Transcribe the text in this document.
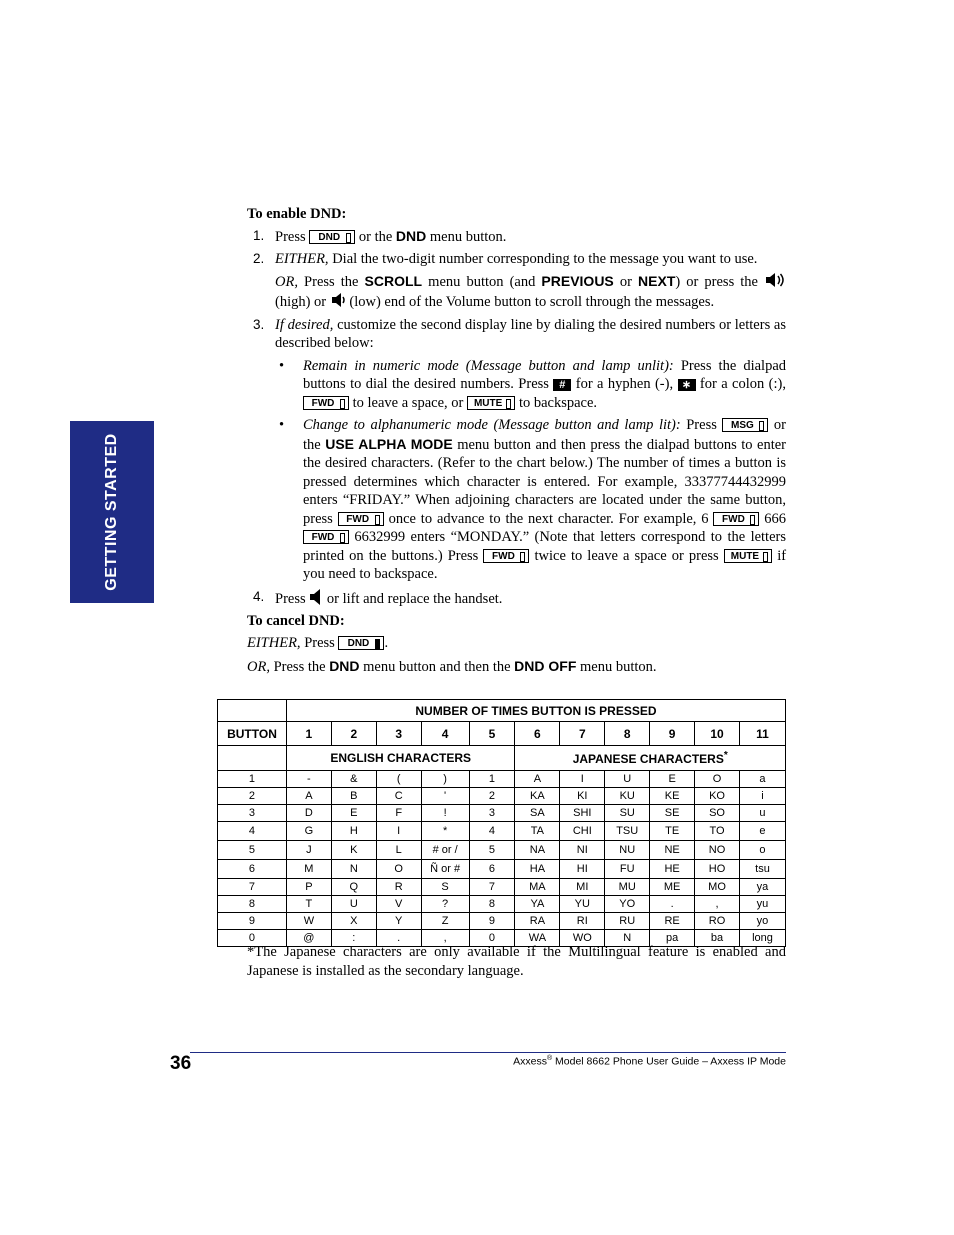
GETTING STARTED

To enable DND:

1. Press DND or the DND menu button.
2. EITHER, Dial the two-digit number corresponding to the message you want to use.
OR, Press the SCROLL menu button (and PREVIOUS or NEXT) or press the  (high) or (low) end of the Volume button to scroll through the messages.
3. If desired, customize the second display line by dialing the desired numbers or letters as described below:
• Remain in numeric mode (Message button and lamp unlit): Press the dialpad buttons to dial the desired numbers. Press # for a hyphen (-), ∗ for a colon (:), FWD to leave a space, or MUTE to backspace.
• Change to alphanumeric mode (Message button and lamp lit): Press MSG or the USE ALPHA MODE menu button and then press the dialpad buttons to enter the desired characters. (Refer to the chart below.) The number of times a button is pressed determines which character is entered. For example, 33377744432999 enters “FRIDAY.” When adjoining characters are located under the same button, press FWD once to advance to the next character. For example, 6 FWD 666 FWD 6632999 enters “MONDAY.” (Note that letters correspond to the letters printed on the buttons.) Press FWD twice to leave a space or press MUTE if you need to backspace.
4. Press or lift and replace the handset.

To cancel DND:

EITHER, Press DND .

OR, Press the DND menu button and then the DND OFF menu button.

	NUMBER OF TIMES BUTTON IS PRESSED										
BUTTON	1	2	3	4	5	6	7	8	9	10	11
	ENGLISH CHARACTERS					JAPANESE CHARACTERS*
1	-	&	(	)	1	A	I	U	E	O	a
2	A	B	C	'	2	KA	KI	KU	KE	KO	i
3	D	E	F	!	3	SA	SHI	SU	SE	SO	u
4	G	H	I	*	4	TA	CHI	TSU	TE	TO	e
5	J	K	L	# or /	5	NA	NI	NU	NE	NO	o
6	M	N	O	Ñ or #	6	HA	HI	FU	HE	HO	tsu
7	P	Q	R	S	7	MA	MI	MU	ME	MO	ya
8	T	U	V	?	8	YA	YU	YO	.	,	yu
9	W	X	Y	Z	9	RA	RI	RU	RE	RO	yo
0	@	:	.	,	0	WA	WO	N	pa	ba	long
*The Japanese characters are only available if the Multilingual feature is enabled and Japanese is installed as the secondary language.
36	Axxess® Model 8662 Phone User Guide – Axxess IP Mode
